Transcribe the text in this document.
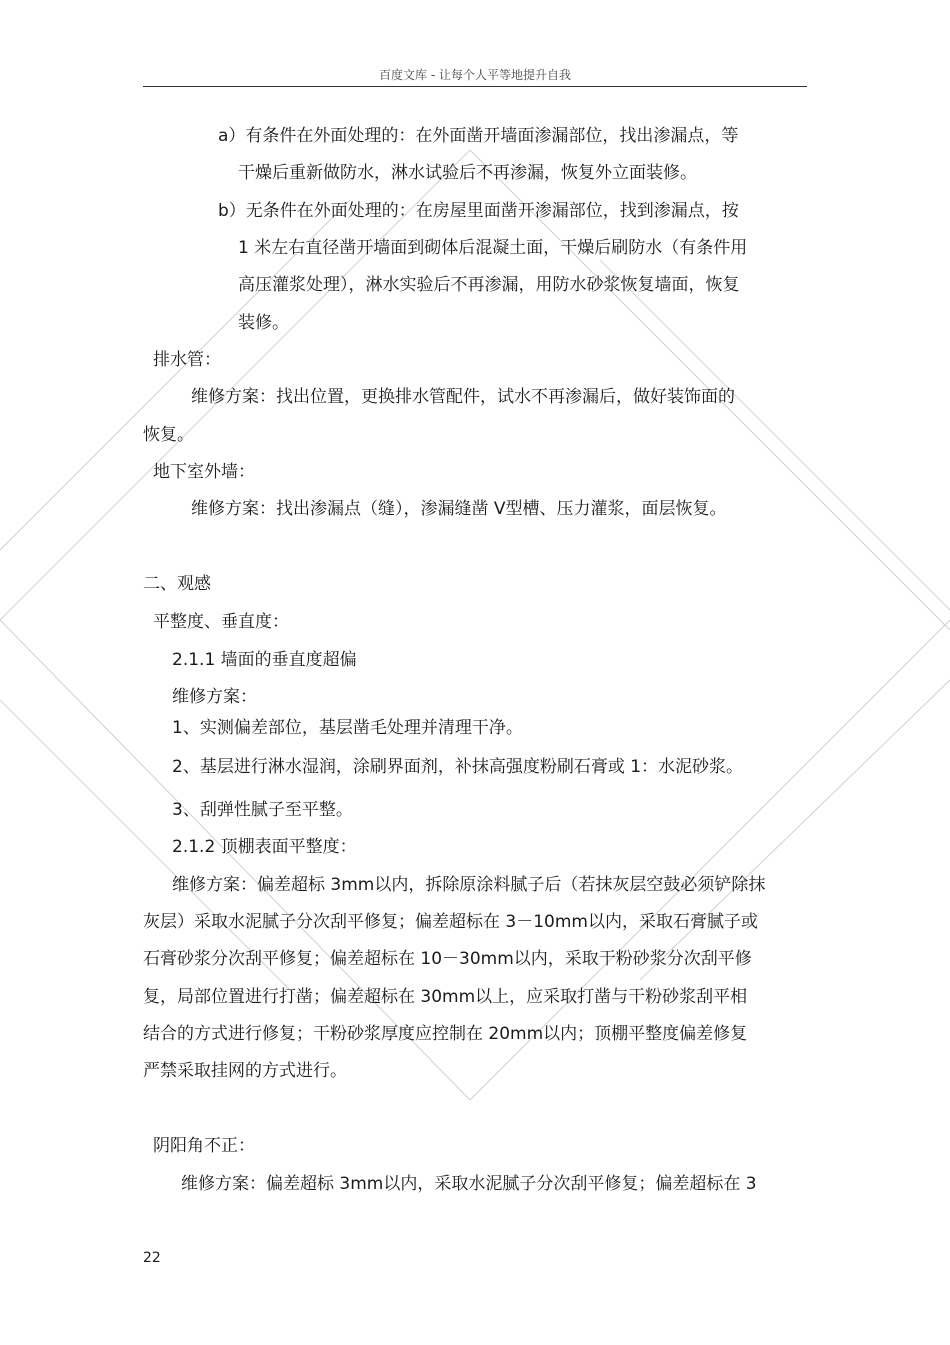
百度文库 - 让每个人平等地提升自我
a）有条件在外面处理的：在外面凿开墙面渗漏部位，找出渗漏点，等
干燥后重新做防水，淋水试验后不再渗漏，恢复外立面装修。
b）无条件在外面处理的：在房屋里面凿开渗漏部位，找到渗漏点，按
1 米左右直径凿开墙面到砌体后混凝土面，干燥后刷防水（有条件用
高压灌浆处理），淋水实验后不再渗漏，用防水砂浆恢复墙面，恢复
装修。
排水管：
维修方案：找出位置，更换排水管配件，试水不再渗漏后，做好装饰面的
恢复。
地下室外墙：
维修方案：找出渗漏点（缝），渗漏缝凿 V型槽、压力灌浆，面层恢复。
二、观感
平整度、垂直度：
2.1.1 墙面的垂直度超偏
维修方案：
1、实测偏差部位，基层凿毛处理并清理干净。
2、基层进行淋水湿润，涂刷界面剂，补抹高强度粉刷石膏或 1：水泥砂浆。
3、刮弹性腻子至平整。
2.1.2 顶棚表面平整度：
维修方案：偏差超标 3mm以内，拆除原涂料腻子后（若抹灰层空鼓必须铲除抹
灰层）采取水泥腻子分次刮平修复；偏差超标在 3－10mm以内，采取石膏腻子或
石膏砂浆分次刮平修复；偏差超标在 10－30mm以内，采取干粉砂浆分次刮平修
复，局部位置进行打凿；偏差超标在 30mm以上，应采取打凿与干粉砂浆刮平相
结合的方式进行修复；干粉砂浆厚度应控制在 20mm以内；顶棚平整度偏差修复
严禁采取挂网的方式进行。
阴阳角不正：
维修方案：偏差超标 3mm以内，采取水泥腻子分次刮平修复；偏差超标在 3
22
